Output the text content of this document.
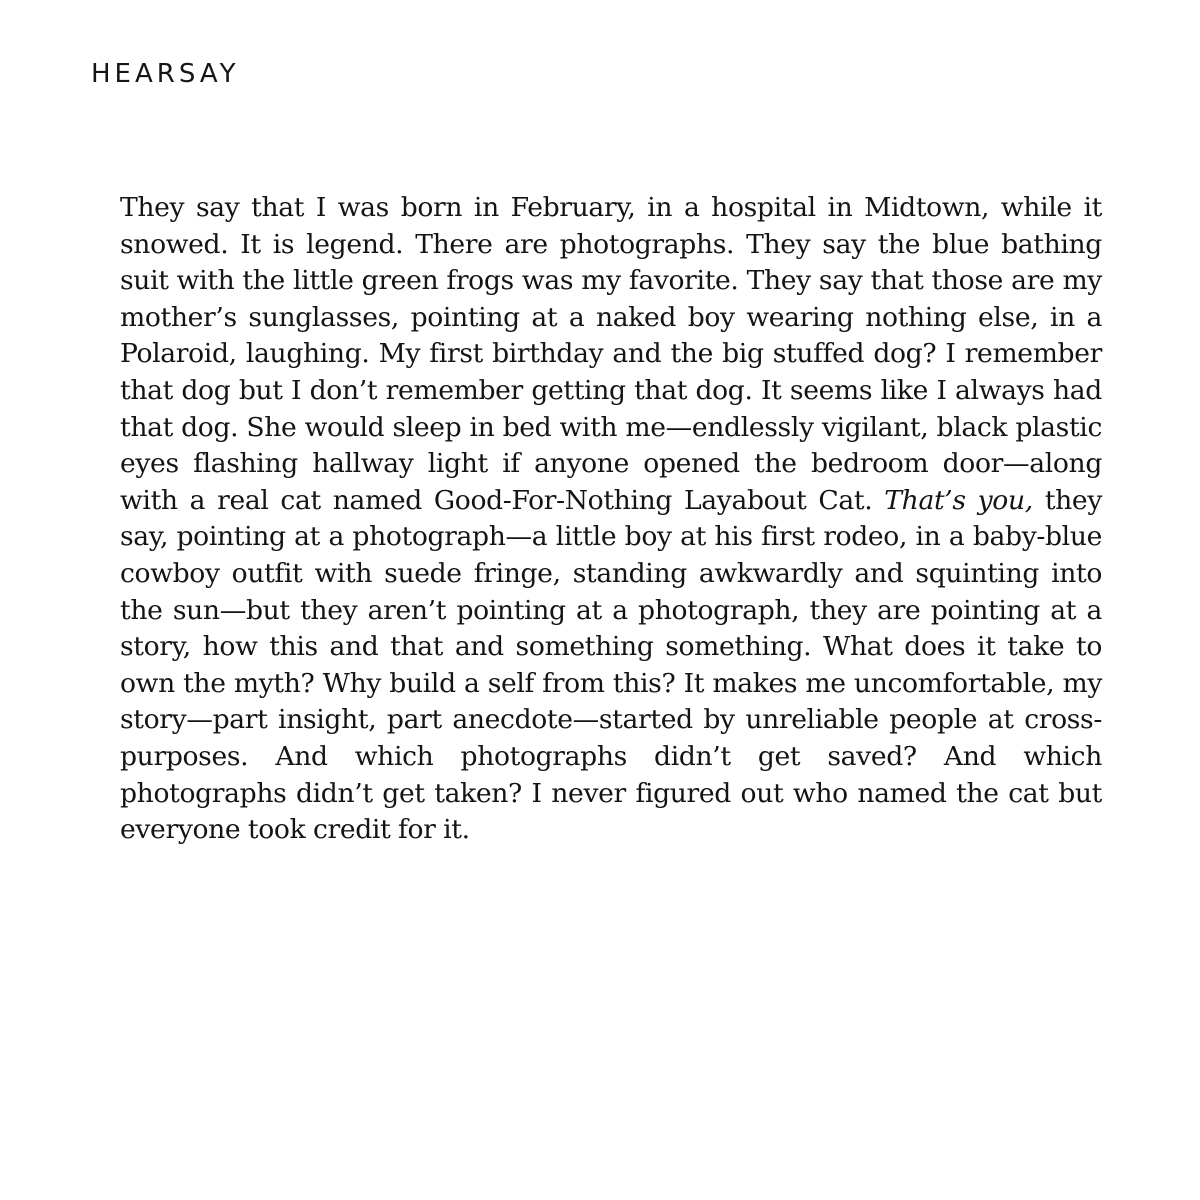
HEARSAY

They say that I was born in February, in a hospital in Midtown, while it snowed. It is legend. There are photographs. They say the blue bathing suit with the little green frogs was my favorite. They say that those are my mother’s sunglasses, pointing at a naked boy wearing nothing else, in a Polaroid, laughing. My first birthday and the big stuffed dog? I remember that dog but I don’t remember getting that dog. It seems like I always had that dog. She would sleep in bed with me—endlessly vigilant, black plastic eyes flashing hallway light if anyone opened the bedroom door—along with a real cat named Good-For-Nothing Layabout Cat. That’s you, they say, pointing at a photograph—a little boy at his first rodeo, in a baby-blue cowboy outfit with suede fringe, standing awkwardly and squinting into the sun—but they aren’t pointing at a photograph, they are pointing at a story, how this and that and something something. What does it take to own the myth? Why build a self from this? It makes me uncomfortable, my story—part insight, part anecdote—started by unreliable people at cross-purposes. And which photographs didn’t get saved? And which photographs didn’t get taken? I never figured out who named the cat but everyone took credit for it.
